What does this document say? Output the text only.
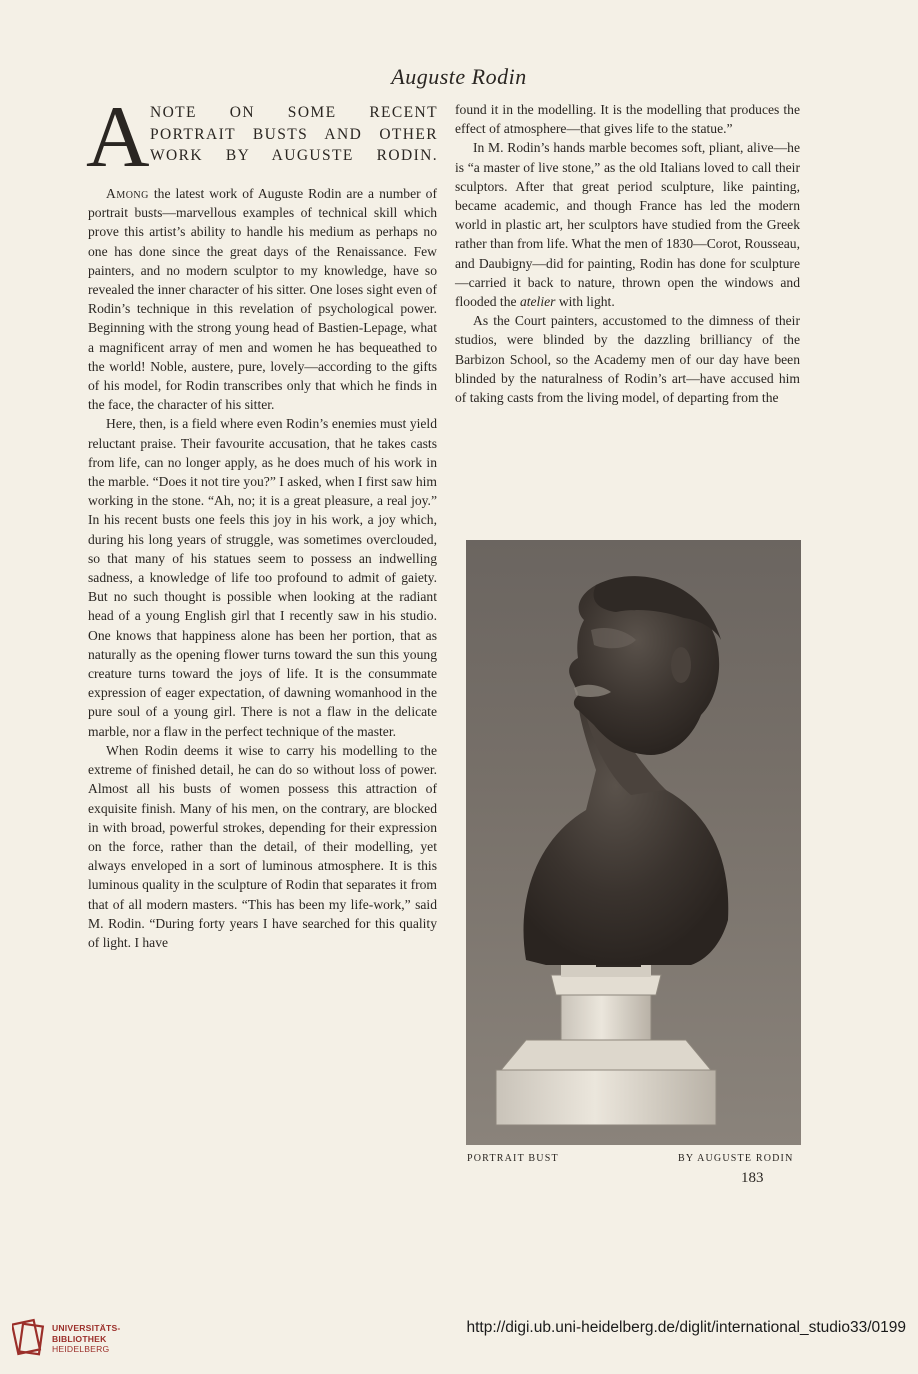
Auguste Rodin
A NOTE ON SOME RECENT PORTRAIT BUSTS AND OTHER WORK BY AUGUSTE RODIN.

Among the latest work of Auguste Rodin are a number of portrait busts—marvellous examples of technical skill which prove this artist’s ability to handle his medium as perhaps no one has done since the great days of the Renaissance. Few painters, and no modern sculptor to my knowledge, have so revealed the inner character of his sitter. One loses sight even of Rodin’s technique in this revelation of psychological power. Beginning with the strong young head of Bastien-Lepage, what a magnificent array of men and women he has bequeathed to the world! Noble, austere, pure, lovely—according to the gifts of his model, for Rodin transcribes only that which he finds in the face, the character of his sitter.

Here, then, is a field where even Rodin’s enemies must yield reluctant praise. Their favourite accusation, that he takes casts from life, can no longer apply, as he does much of his work in the marble. “Does it not tire you?” I asked, when I first saw him working in the stone. “Ah, no; it is a great pleasure, a real joy.” In his recent busts one feels this joy in his work, a joy which, during his long years of struggle, was sometimes overclouded, so that many of his statues seem to possess an indwelling sadness, a knowledge of life too profound to admit of gaiety. But no such thought is possible when looking at the radiant head of a young English girl that I recently saw in his studio. One knows that happiness alone has been her portion, that as naturally as the opening flower turns toward the sun this young creature turns toward the joys of life. It is the consummate expression of eager expectation, of dawning womanhood in the pure soul of a young girl. There is not a flaw in the delicate marble, nor a flaw in the perfect technique of the master.

When Rodin deems it wise to carry his modelling to the extreme of finished detail, he can do so without loss of power. Almost all his busts of women possess this attraction of exquisite finish. Many of his men, on the contrary, are blocked in with broad, powerful strokes, depending for their expression on the force, rather than the detail, of their modelling, yet always enveloped in a sort of luminous atmosphere. It is this luminous quality in the sculpture of Rodin that separates it from that of all modern masters. “This has been my life-work,” said M. Rodin. “During forty years I have searched for this quality of light. I have

found it in the modelling. It is the modelling that produces the effect of atmosphere—that gives life to the statue.”

In M. Rodin’s hands marble becomes soft, pliant, alive—he is “a master of live stone,” as the old Italians loved to call their sculptors. After that great period sculpture, like painting, became academic, and though France has led the modern world in plastic art, her sculptors have studied from the Greek rather than from life. What the men of 1830—Corot, Rousseau, and Daubigny—did for painting, Rodin has done for sculpture—carried it back to nature, thrown open the windows and flooded the atelier with light.

As the Court painters, accustomed to the dimness of their studios, were blinded by the dazzling brilliancy of the Barbizon School, so the Academy men of our day have been blinded by the naturalness of Rodin’s art—have accused him of taking casts from the living model, of departing from the

PORTRAIT BUST	BY AUGUSTE RODIN
183
UNIVERSITÄTS-
BIBLIOTHEK
HEIDELBERG
http://digi.ub.uni-heidelberg.de/diglit/international_studio33/0199
